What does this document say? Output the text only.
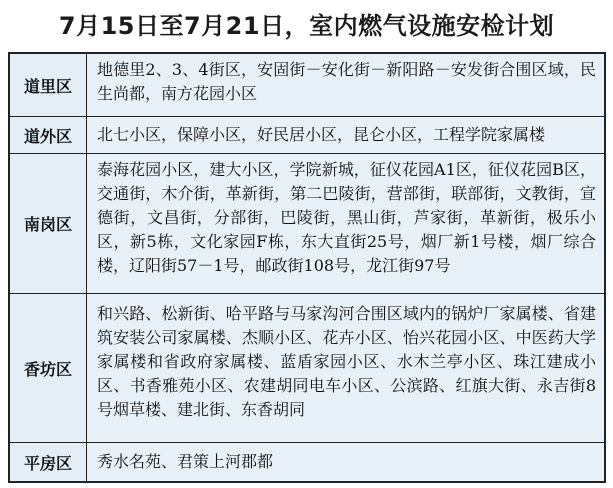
7月15日至7月21日，室内燃气设施安检计划
道里区
地德里2、3、4街区，安固街－安化街－新阳路－安发街合围区域，民生尚都，南方花园小区
道外区	北七小区，保障小区，好民居小区，昆仑小区，工程学院家属楼
南岗区
泰海花园小区，建大小区，学院新城，征仪花园A1区，征仪花园B区，交通街，木介街，革新街，第二巴陵街，营部街，联部街，文教街，宣德街，文昌街，分部街，巴陵街，黑山街，芦家街，革新街，极乐小区，新5栋，文化家园F栋，东大直街25号，烟厂新1号楼，烟厂综合楼，辽阳街57－1号，邮政街108号，龙江街97号
香坊区
和兴路、松新街、哈平路与马家沟河合围区域内的锅炉厂家属楼、省建筑安装公司家属楼、杰顺小区、花卉小区、怡兴花园小区、中医药大学家属楼和省政府家属楼、蓝盾家园小区、水木兰亭小区、珠江建成小区、书香雅苑小区、农建胡同电车小区、公滨路、红旗大街、永吉街8号烟草楼、建北街、东香胡同
平房区	秀水名苑、君策上河郡都
